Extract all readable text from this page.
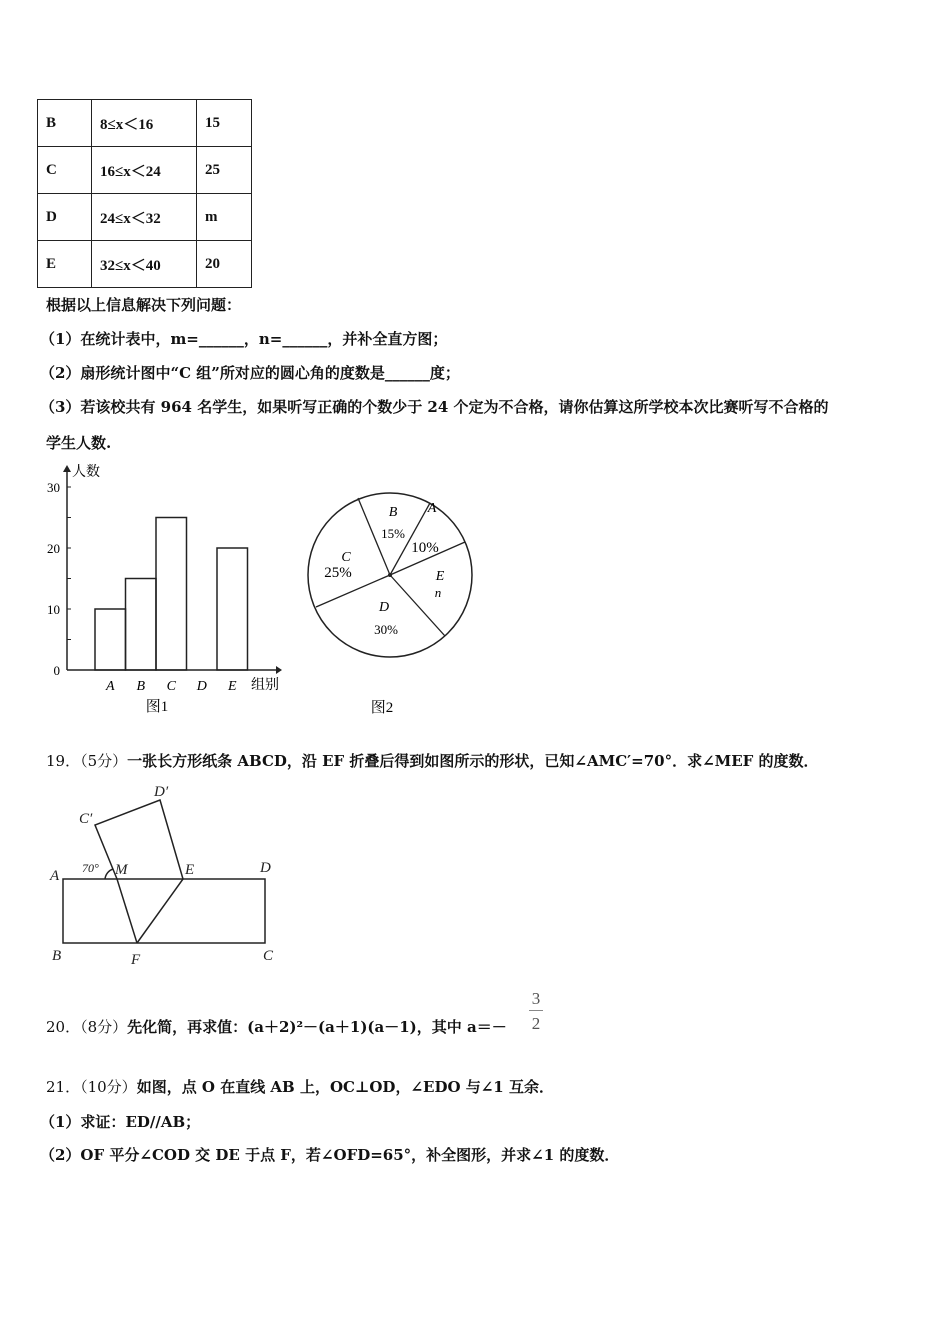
B	8≤x＜16	15
C	16≤x＜24	25
D	24≤x＜32	m
E	32≤x＜40	20
根据以上信息解决下列问题：
（1）在统计表中，m=______，n=______，并补全直方图；
（2）扇形统计图中“C 组”所对应的圆心角的度数是______度；
（3）若该校共有 964 名学生，如果听写正确的个数少于 24 个定为不合格，请你估算这所学校本次比赛听写不合格的
学生人数.
0
10
20
30
人数
组别
A B C D E
图1
A
10%
B
15%
C
25%
D
30%
E
n
图2
A
B	C
D
E
F
M
C′
D′
70°
19．（5分）一张长方形纸条 ABCD，沿 EF 折叠后得到如图所示的形状，已知∠AMC′=70°．求∠MEF 的度数．
20．（8分）先化简，再求值：(a＋2)²－(a＋1)(a－1)，其中 a＝－
3
2
21．（10分）如图，点 O 在直线 AB 上，OC⊥OD，∠EDO 与∠1 互余．
（1）求证：ED//AB；
（2）OF 平分∠COD 交 DE 于点 F，若∠OFD=65°，补全图形，并求∠1 的度数．
